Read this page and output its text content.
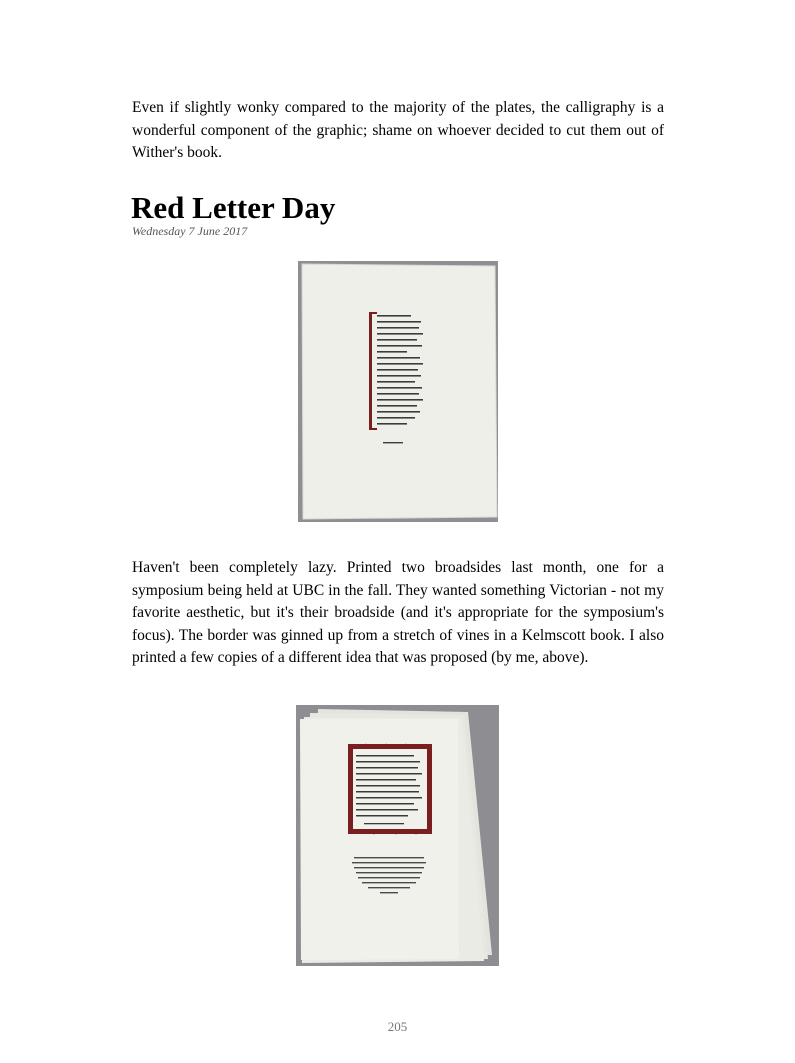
Even if slightly wonky compared to the majority of the plates, the calligraphy is a wonderful component of the graphic; shame on whoever decided to cut them out of Wither's book.

Red Letter Day
Wednesday 7 June 2017

Haven't been completely lazy. Printed two broadsides last month, one for a symposium being held at UBC in the fall. They wanted something Victorian - not my favorite aesthetic, but it's their broadside (and it's appropriate for the symposium's focus). The border was ginned up from a stretch of vines in a Kelmscott book. I also printed a few copies of a different idea that was proposed (by me, above).

205
